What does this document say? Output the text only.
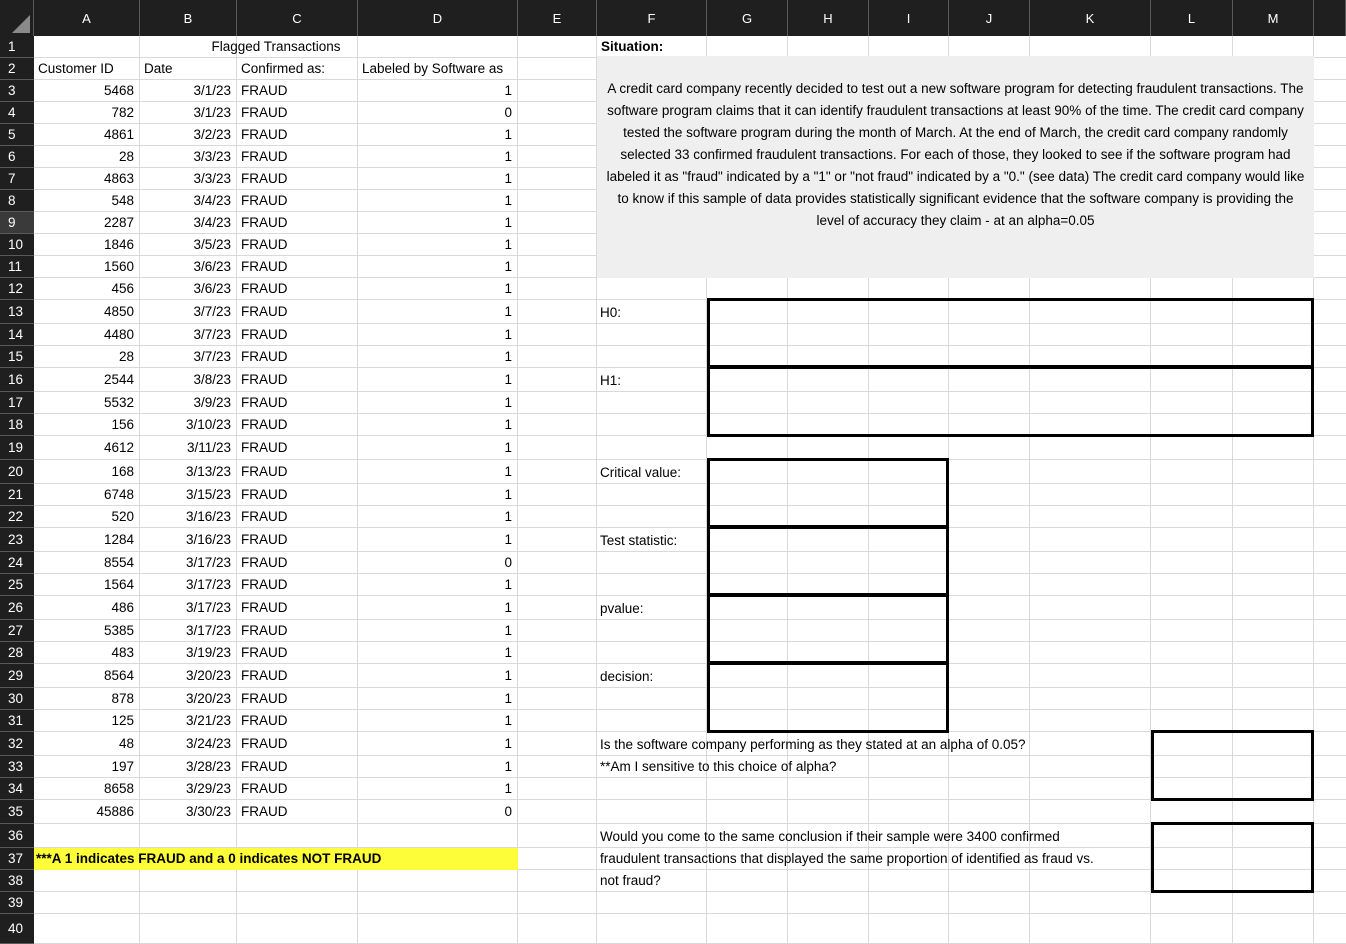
A	B	C	D	E	F	G	H	I	J	K	L	M
1
2
3
4
5
6
7
8
9
10
11
12
13
14
15
16
17
18
19
20
21
22
23
24
25
26
27
28
29
30
31
32
33
34
35
36
37
38
39
40
Flagged Transactions
Customer ID	Date	Confirmed as:	Labeled by Software as
5468	3/1/23 FRAUD	1
782	3/1/23 FRAUD	0
4861	3/2/23 FRAUD	1
28	3/3/23 FRAUD	1
4863	3/3/23 FRAUD	1
548	3/4/23 FRAUD	1
2287	3/4/23 FRAUD	1
1846	3/5/23 FRAUD	1
1560	3/6/23 FRAUD	1
456	3/6/23 FRAUD	1
4850	3/7/23 FRAUD	1
4480	3/7/23 FRAUD	1
28	3/7/23 FRAUD	1
2544	3/8/23 FRAUD	1
5532	3/9/23 FRAUD	1
156	3/10/23 FRAUD	1
4612	3/11/23 FRAUD	1
168	3/13/23 FRAUD	1
6748	3/15/23 FRAUD	1
520	3/16/23 FRAUD	1
1284	3/16/23 FRAUD	1
8554	3/17/23 FRAUD	0
1564	3/17/23 FRAUD	1
486	3/17/23 FRAUD	1
5385	3/17/23 FRAUD	1
483	3/19/23 FRAUD	1
8564	3/20/23 FRAUD	1
878	3/20/23 FRAUD	1
125	3/21/23 FRAUD	1
48	3/24/23 FRAUD	1
197	3/28/23 FRAUD	1
8658	3/29/23 FRAUD	1
45886	3/30/23 FRAUD	0
***A 1 indicates FRAUD and a 0 indicates NOT FRAUD
Situation:
A credit card company recently decided to test out a new software program for detecting fraudulent transactions. The software program claims that it can identify fraudulent transactions at least 90% of the time. The credit card company tested the software program during the month of March. At the end of March, the credit card company randomly selected 33 confirmed fraudulent transactions. For each of those, they looked to see if the software program had labeled it as "fraud" indicated by a "1" or "not fraud" indicated by a "0." (see data) The credit card company would like to know if this sample of data provides statistically significant evidence that the software company is providing the level of accuracy they claim - at an alpha=0.05
H0:
H1:
Critical value:
Test statistic:
pvalue:
decision:
Is the software company performing as they stated at an alpha of 0.05?
**Am I sensitive to this choice of alpha?
Would you come to the same conclusion if their sample were 3400 confirmed
fraudulent transactions that displayed the same proportion of identified as fraud vs.
not fraud?
